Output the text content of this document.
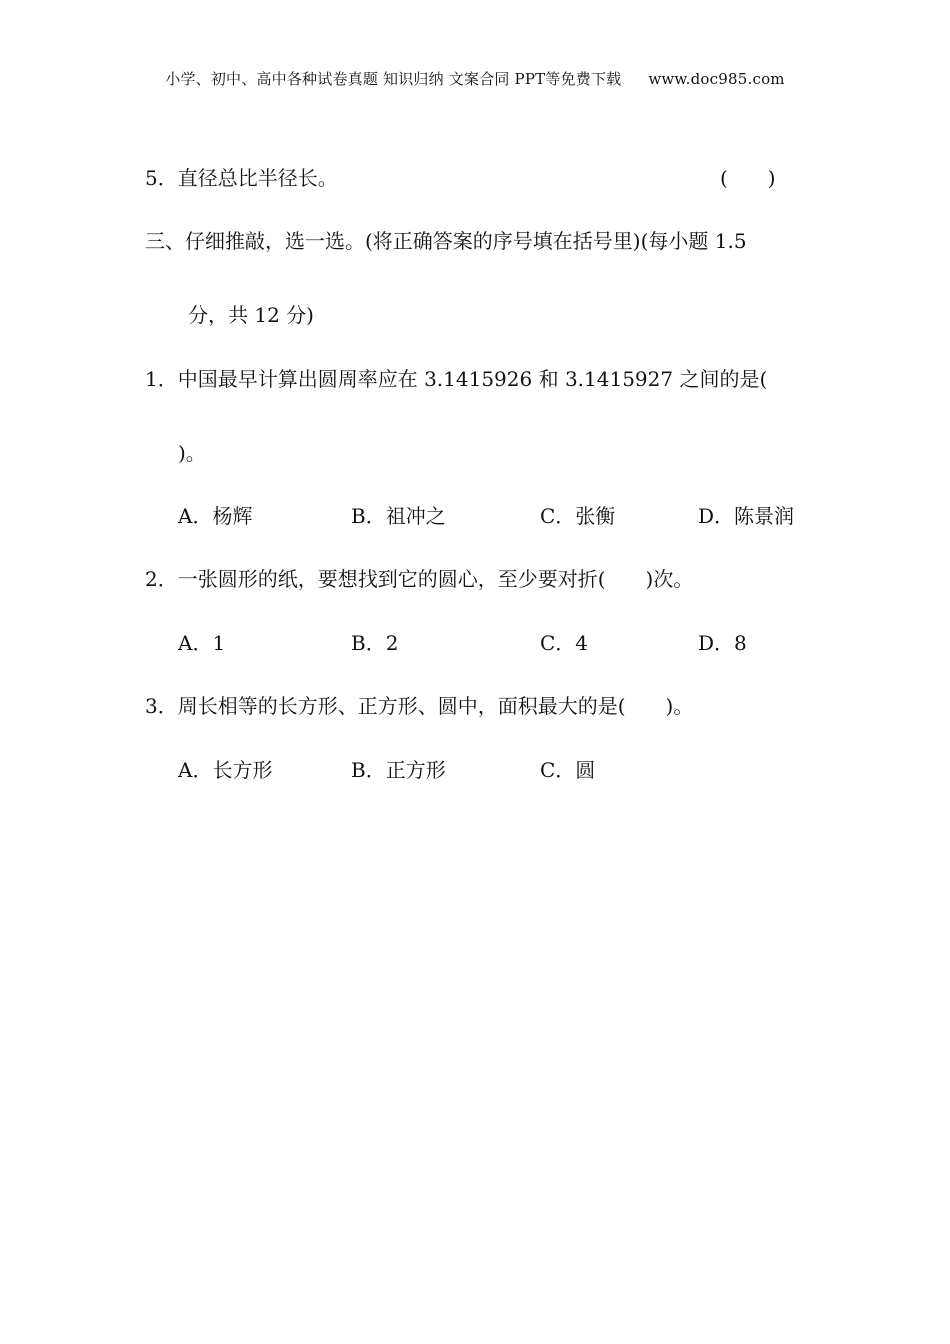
小学、初中、高中各种试卷真题 知识归纳 文案合同 PPT等免费下载 www.doc985.com
5．直径总比半径长。	(　　)
三、仔细推敲，选一选。(将正确答案的序号填在括号里)(每小题 1.5
分，共 12 分)
1．中国最早计算出圆周率应在 3.1415926 和 3.1415927 之间的是(
)。
A．杨辉	B．祖冲之	C．张衡	D．陈景润
2．一张圆形的纸，要想找到它的圆心，至少要对折(　　)次。
A．1	B．2	C．4	D．8
3．周长相等的长方形、正方形、圆中，面积最大的是(　　)。
A．长方形	B．正方形	C．圆
